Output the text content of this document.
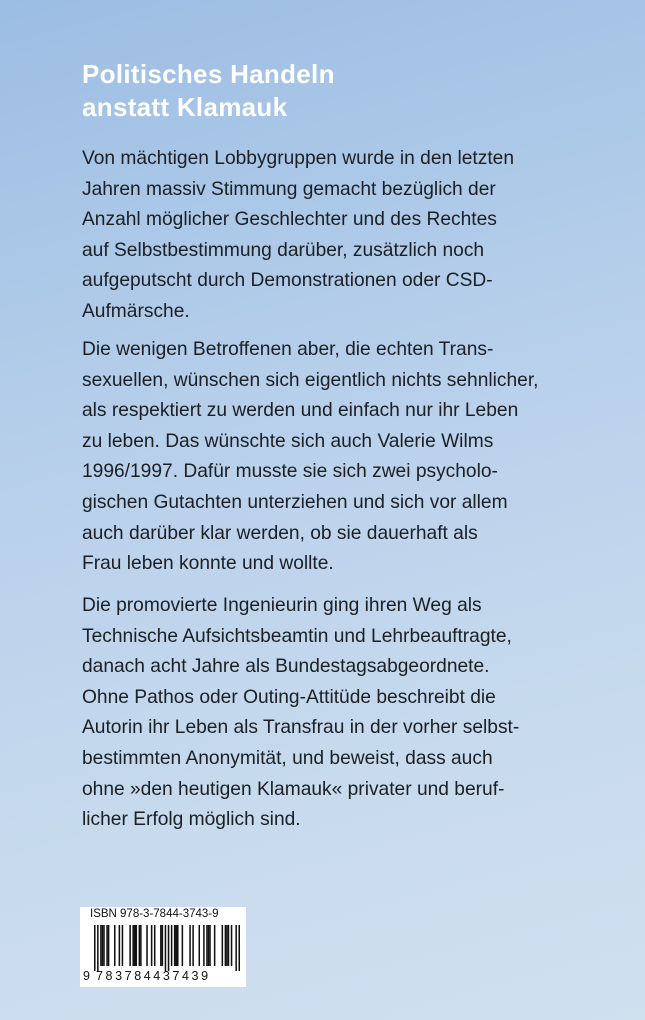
Politisches Handeln
anstatt Klamauk
Von mächtigen Lobbygruppen wurde in den letzten
Jahren massiv Stimmung gemacht bezüglich der
Anzahl möglicher Geschlechter und des Rechtes
auf Selbstbestimmung darüber, zusätzlich noch
aufgeputscht durch Demonstrationen oder CSD-
Aufmärsche.
Die wenigen Betroffenen aber, die echten Trans-
sexuellen, wünschen sich eigentlich nichts sehnlicher,
als respektiert zu werden und einfach nur ihr Leben
zu leben. Das wünschte sich auch Valerie Wilms
1996/1997. Dafür musste sie sich zwei psycholo-
gischen Gutachten unterziehen und sich vor allem
auch darüber klar werden, ob sie dauerhaft als
Frau leben konnte und wollte.
Die promovierte Ingenieurin ging ihren Weg als
Technische Aufsichtsbeamtin und Lehrbeauftragte,
danach acht Jahre als Bundestagsabgeordnete.
Ohne Pathos oder Outing-Attitüde beschreibt die
Autorin ihr Leben als Transfrau in der vorher selbst-
bestimmten Anonymität, und beweist, dass auch
ohne »den heutigen Klamauk« privater und beruf-
licher Erfolg möglich sind.
ISBN 978-3-7844-3743-9
9 783784437439
